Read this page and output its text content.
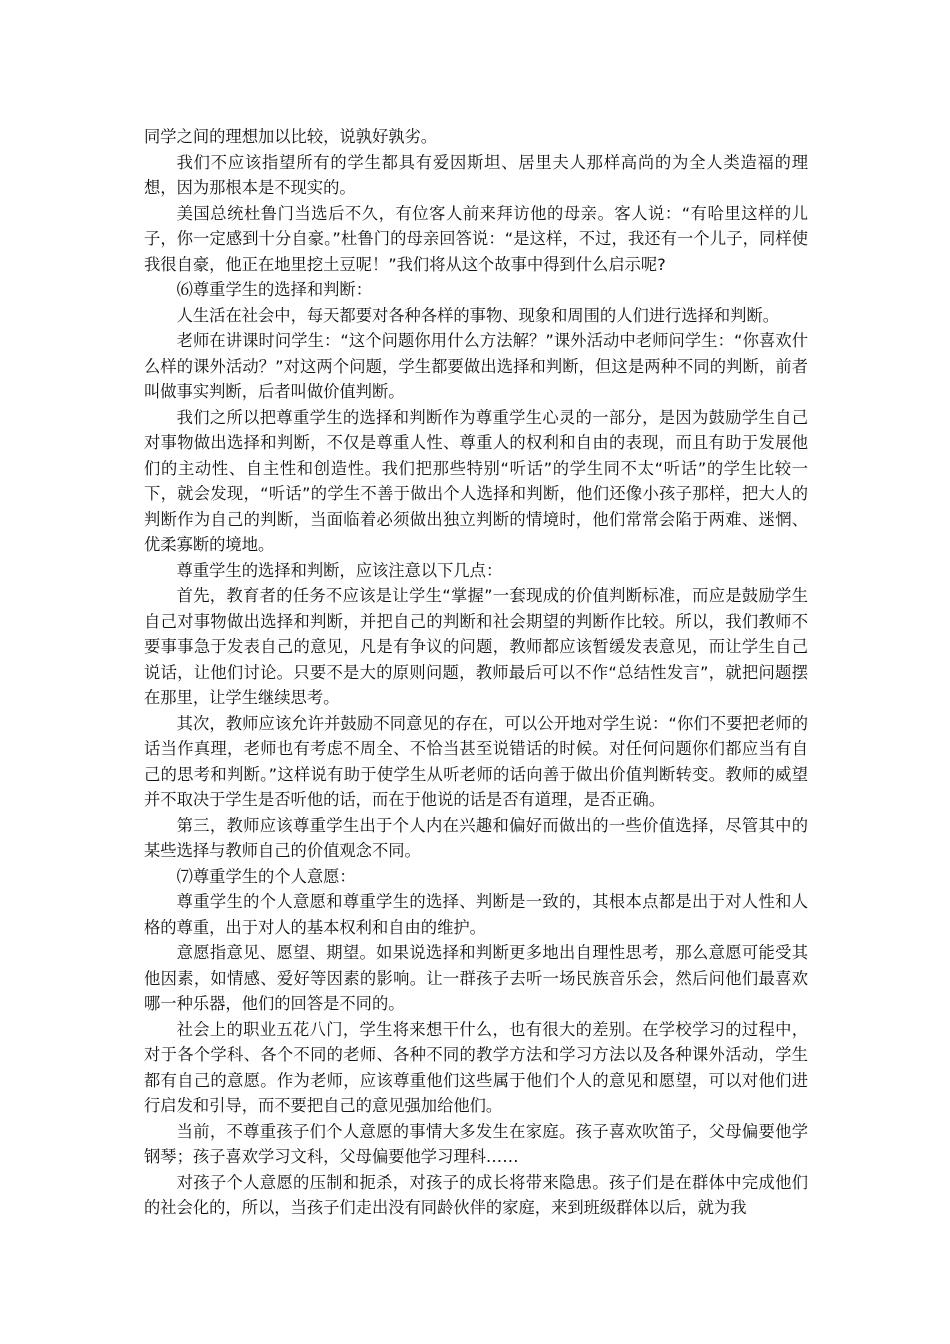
同学之间的理想加以比较，说孰好孰劣。

我们不应该指望所有的学生都具有爱因斯坦、居里夫人那样高尚的为全人类造福的理想，因为那根本是不现实的。

美国总统杜鲁门当选后不久，有位客人前来拜访他的母亲。客人说：“有哈里这样的儿子，你一定感到十分自豪。”杜鲁门的母亲回答说：“是这样，不过，我还有一个儿子，同样使我很自豪，他正在地里挖土豆呢！”我们将从这个故事中得到什么启示呢?

⑹尊重学生的选择和判断：

人生活在社会中，每天都要对各种各样的事物、现象和周围的人们进行选择和判断。

老师在讲课时问学生：“这个问题你用什么方法解？”课外活动中老师问学生：“你喜欢什么样的课外活动？”对这两个问题，学生都要做出选择和判断，但这是两种不同的判断，前者叫做事实判断，后者叫做价值判断。

我们之所以把尊重学生的选择和判断作为尊重学生心灵的一部分，是因为鼓励学生自己对事物做出选择和判断，不仅是尊重人性、尊重人的权利和自由的表现，而且有助于发展他们的主动性、自主性和创造性。我们把那些特别“听话”的学生同不太“听话”的学生比较一下，就会发现，“听话”的学生不善于做出个人选择和判断，他们还像小孩子那样，把大人的判断作为自己的判断，当面临着必须做出独立判断的情境时，他们常常会陷于两难、迷惘、优柔寡断的境地。

尊重学生的选择和判断，应该注意以下几点：

首先，教育者的任务不应该是让学生“掌握”一套现成的价值判断标准，而应是鼓励学生自己对事物做出选择和判断，并把自己的判断和社会期望的判断作比较。所以，我们教师不要事事急于发表自己的意见，凡是有争议的问题，教师都应该暂缓发表意见，而让学生自己说话，让他们讨论。只要不是大的原则问题，教师最后可以不作“总结性发言”，就把问题摆在那里，让学生继续思考。

其次，教师应该允许并鼓励不同意见的存在，可以公开地对学生说：“你们不要把老师的话当作真理，老师也有考虑不周全、不恰当甚至说错话的时候。对任何问题你们都应当有自己的思考和判断。”这样说有助于使学生从听老师的话向善于做出价值判断转变。教师的威望并不取决于学生是否听他的话，而在于他说的话是否有道理，是否正确。

第三，教师应该尊重学生出于个人内在兴趣和偏好而做出的一些价值选择，尽管其中的某些选择与教师自己的价值观念不同。

⑺尊重学生的个人意愿：

尊重学生的个人意愿和尊重学生的选择、判断是一致的，其根本点都是出于对人性和人格的尊重，出于对人的基本权利和自由的维护。

意愿指意见、愿望、期望。如果说选择和判断更多地出自理性思考，那么意愿可能受其他因素，如情感、爱好等因素的影响。让一群孩子去听一场民族音乐会，然后问他们最喜欢哪一种乐器，他们的回答是不同的。

社会上的职业五花八门，学生将来想干什么，也有很大的差别。在学校学习的过程中，对于各个学科、各个不同的老师、各种不同的教学方法和学习方法以及各种课外活动，学生都有自己的意愿。作为老师，应该尊重他们这些属于他们个人的意见和愿望，可以对他们进行启发和引导，而不要把自己的意见强加给他们。

当前，不尊重孩子们个人意愿的事情大多发生在家庭。孩子喜欢吹笛子，父母偏要他学钢琴；孩子喜欢学习文科，父母偏要他学习理科……

对孩子个人意愿的压制和扼杀，对孩子的成长将带来隐患。孩子们是在群体中完成他们的社会化的，所以，当孩子们走出没有同龄伙伴的家庭，来到班级群体以后，就为我
